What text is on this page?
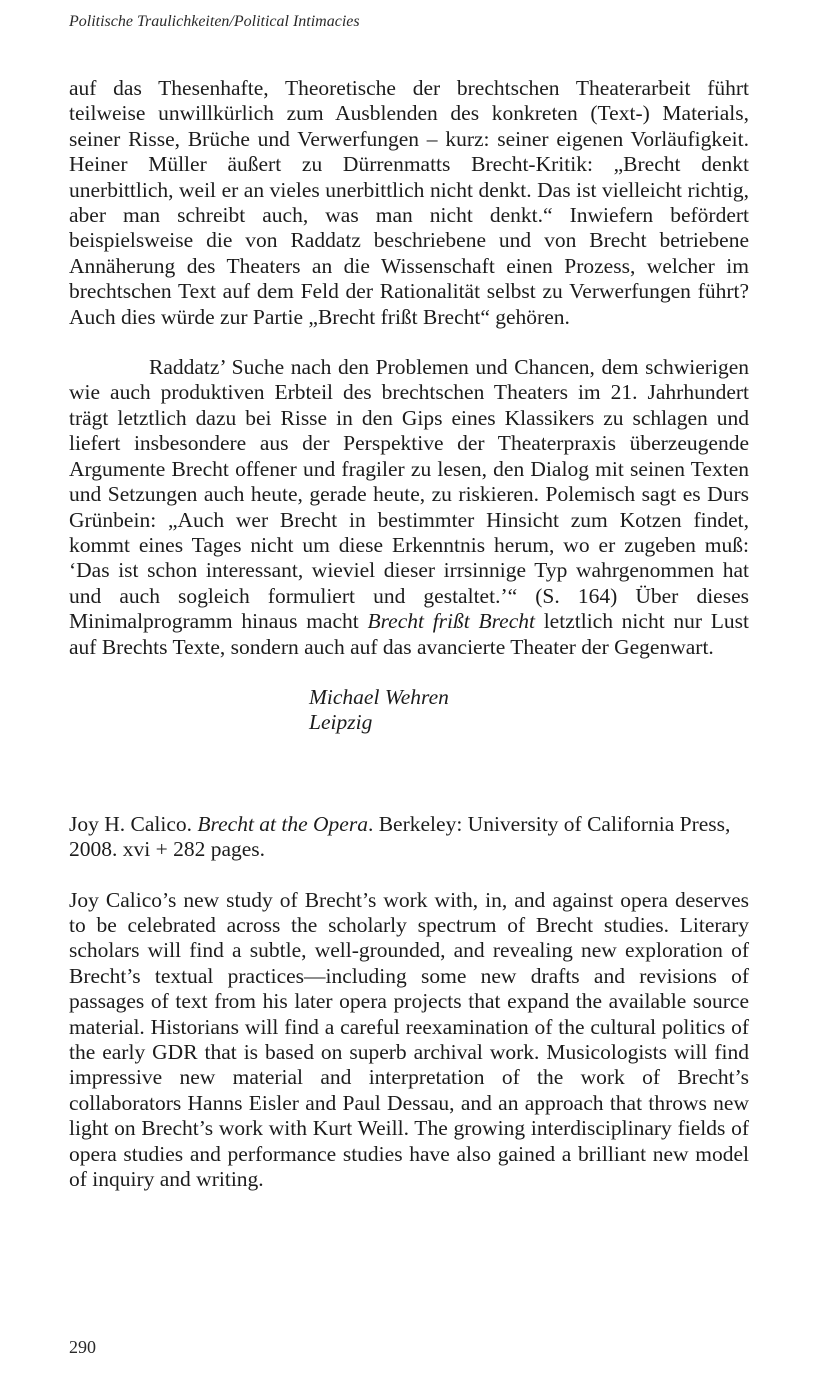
Politische Traulichkeiten/Political Intimacies

auf das Thesenhafte, Theoretische der brechtschen Theaterarbeit führt teilweise unwillkürlich zum Ausblenden des konkreten (Text-) Materials, seiner Risse, Brüche und Verwerfungen – kurz: seiner eigenen Vorläufigkeit. Heiner Müller äußert zu Dürrenmatts Brecht-Kritik: „Brecht denkt unerbittlich, weil er an vieles unerbittlich nicht denkt. Das ist vielleicht richtig, aber man schreibt auch, was man nicht denkt.“ Inwiefern befördert beispielsweise die von Raddatz beschriebene und von Brecht betriebene Annäherung des Theaters an die Wissenschaft einen Prozess, welcher im brechtschen Text auf dem Feld der Rationalität selbst zu Verwerfungen führt? Auch dies würde zur Partie „Brecht frißt Brecht“ gehören.

Raddatz’ Suche nach den Problemen und Chancen, dem schwierigen wie auch produktiven Erbteil des brechtschen Theaters im 21. Jahrhundert trägt letztlich dazu bei Risse in den Gips eines Klassikers zu schlagen und liefert insbesondere aus der Perspektive der Theaterpraxis überzeugende Argumente Brecht offener und fragiler zu lesen, den Dialog mit seinen Texten und Setzungen auch heute, gerade heute, zu riskieren. Polemisch sagt es Durs Grünbein: „Auch wer Brecht in bestimmter Hinsicht zum Kotzen findet, kommt eines Tages nicht um diese Erkenntnis herum, wo er zugeben muß: ‘Das ist schon interessant, wieviel dieser irrsinnige Typ wahrgenommen hat und auch sogleich formuliert und gestaltet.’“ (S. 164) Über dieses Minimalprogramm hinaus macht Brecht frißt Brecht letztlich nicht nur Lust auf Brechts Texte, sondern auch auf das avancierte Theater der Gegenwart.

Michael Wehren
Leipzig

Joy H. Calico. Brecht at the Opera. Berkeley: University of California Press, 2008. xvi + 282 pages.

Joy Calico’s new study of Brecht’s work with, in, and against opera deserves to be celebrated across the scholarly spectrum of Brecht studies. Literary scholars will find a subtle, well-grounded, and revealing new exploration of Brecht’s textual practices—including some new drafts and revisions of passages of text from his later opera projects that expand the available source material. Historians will find a careful reexamination of the cultural politics of the early GDR that is based on superb archival work. Musicologists will find impressive new material and interpretation of the work of Brecht’s collaborators Hanns Eisler and Paul Dessau, and an approach that throws new light on Brecht’s work with Kurt Weill. The growing interdisciplinary fields of opera studies and performance studies have also gained a brilliant new model of inquiry and writing.

290
